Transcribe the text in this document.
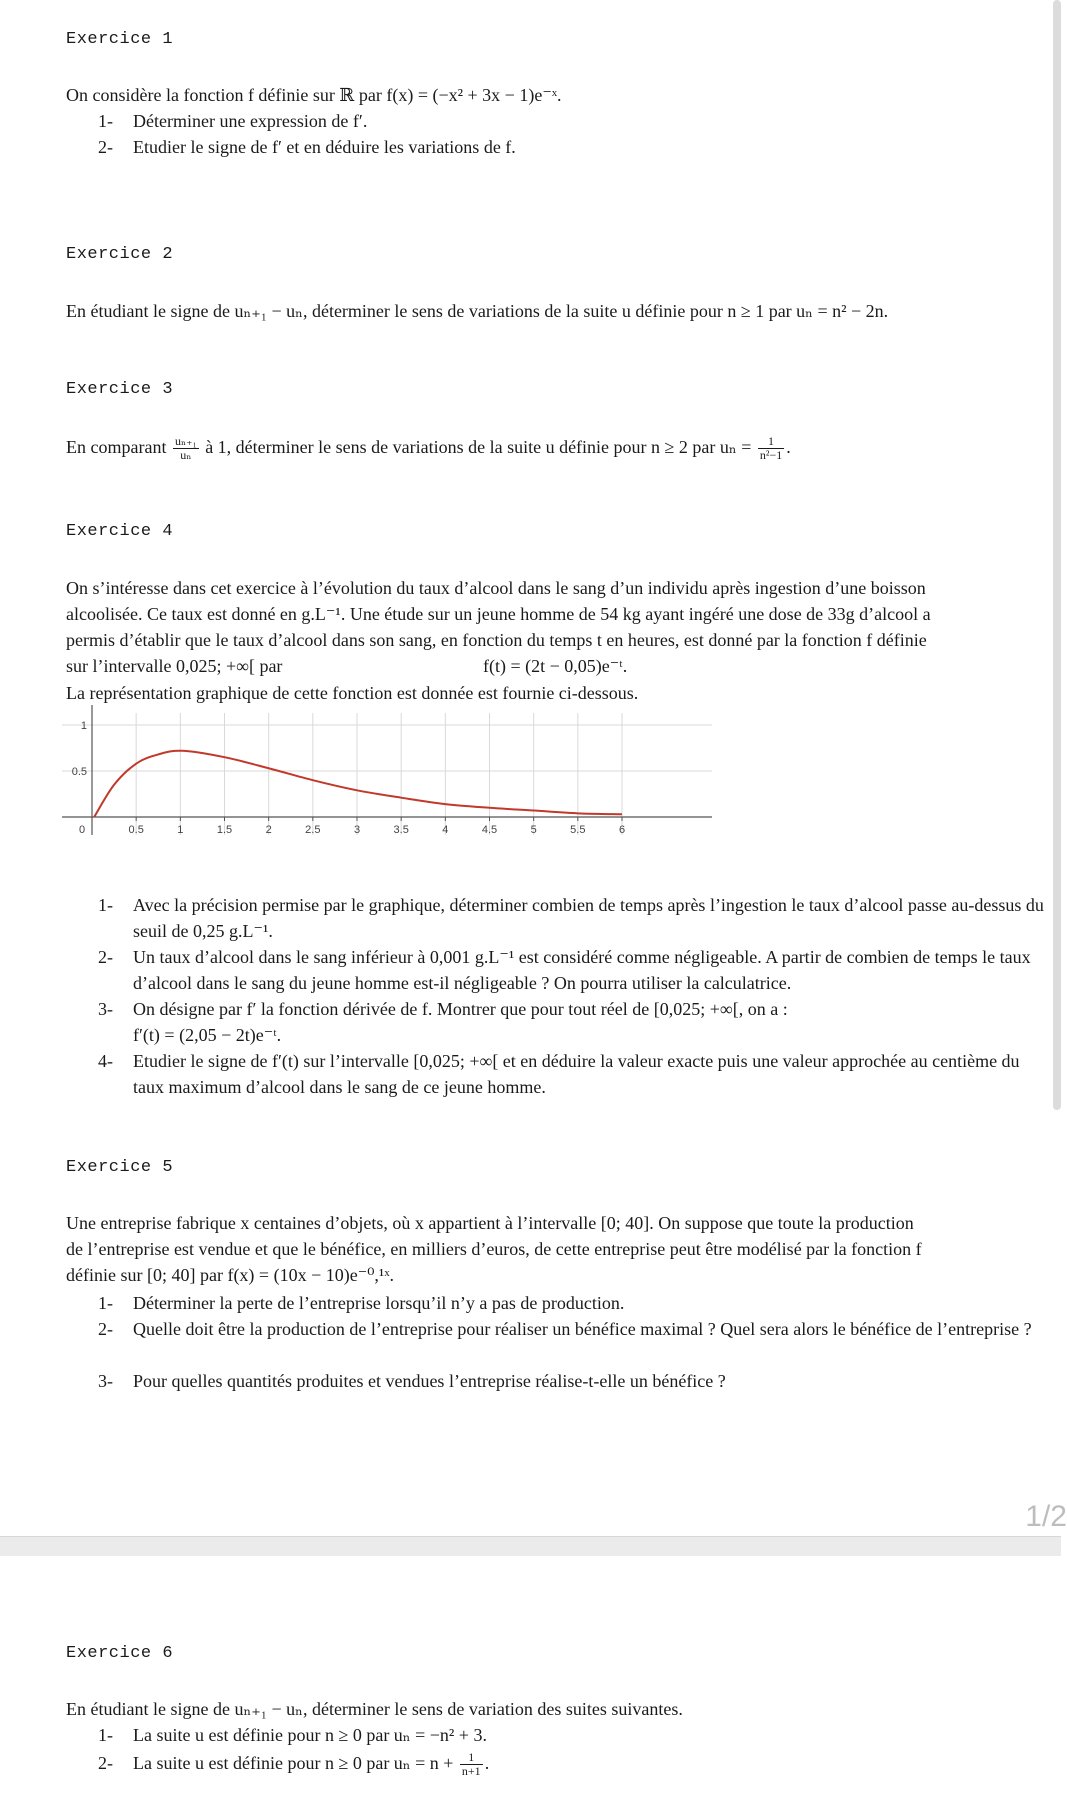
Exercice 1
On considère la fonction f définie sur ℝ par f(x) = (−x² + 3x − 1)e⁻ˣ.
1- Déterminer une expression de f′.
2- Etudier le signe de f′ et en déduire les variations de f.
Exercice 2
En étudiant le signe de uₙ₊₁ − uₙ, déterminer le sens de variations de la suite u définie pour n ≥ 1 par uₙ = n² − 2n.
Exercice 3
En comparant $\frac{\text{uₙ₊₁}}{\text{uₙ}}$ à 1, déterminer le sens de variations de la suite u définie pour n ≥ 2 par $u_n = \frac{1}{\text{n²−1}}$ .
Exercice 4
On s’intéresse dans cet exercice à l’évolution du taux d’alcool dans le sang d’un individu après ingestion d’une boisson
alcoolisée. Ce taux est donné en g.L⁻¹. Une étude sur un jeune homme de 54 kg ayant ingéré une dose de 33g d’alcool a
permis d’établir que le taux d’alcool dans son sang, en fonction du temps t en heures, est donné par la fonction f définie
sur l’intervalle 0,025; +∞[ par	f(t) = (2t − 0,05)e⁻ᵗ.
La représentation graphique de cette fonction est donnée est fournie ci-dessous.
0	0.5	1	1.5	2	2.5	3	3.5	4	4.5	5	5.5	6
0.5
1
1- Avec la précision permise par le graphique, déterminer combien de temps après l’ingestion le taux d’alcool passe au-dessus du seuil de 0,25 g.L⁻¹.
2- Un taux d’alcool dans le sang inférieur à 0,001 g.L⁻¹ est considéré comme négligeable. A partir de combien de temps le taux d’alcool dans le sang du jeune homme est-il négligeable ? On pourra utiliser la calculatrice.
3- On désigne par f′ la fonction dérivée de f. Montrer que pour tout réel de [0,025; +∞[, on a :
f′(t) = (2,05 − 2t)e⁻ᵗ.
4- Etudier le signe de f′(t) sur l’intervalle [0,025; +∞[ et en déduire la valeur exacte puis une valeur approchée au centième du taux maximum d’alcool dans le sang de ce jeune homme.
Exercice 5
Une entreprise fabrique x centaines d’objets, où x appartient à l’intervalle [0; 40]. On suppose que toute la production
de l’entreprise est vendue et que le bénéfice, en milliers d’euros, de cette entreprise peut être modélisé par la fonction f
définie sur [0; 40] par f(x) = (10x − 10)e⁻⁰,¹ˣ.
1- Déterminer la perte de l’entreprise lorsqu’il n’y a pas de production.
2- Quelle doit être la production de l’entreprise pour réaliser un bénéfice maximal ? Quel sera alors le bénéfice de l’entreprise ?
3- Pour quelles quantités produites et vendues l’entreprise réalise-t-elle un bénéfice ?
1/2
Exercice 6
En étudiant le signe de uₙ₊₁ − uₙ, déterminer le sens de variation des suites suivantes.
1- La suite u est définie pour n ≥ 0 par uₙ = −n² + 3.
2- La suite u est définie pour n ≥ 0 par $u_n = n + \frac{1}{n+1}$ .
